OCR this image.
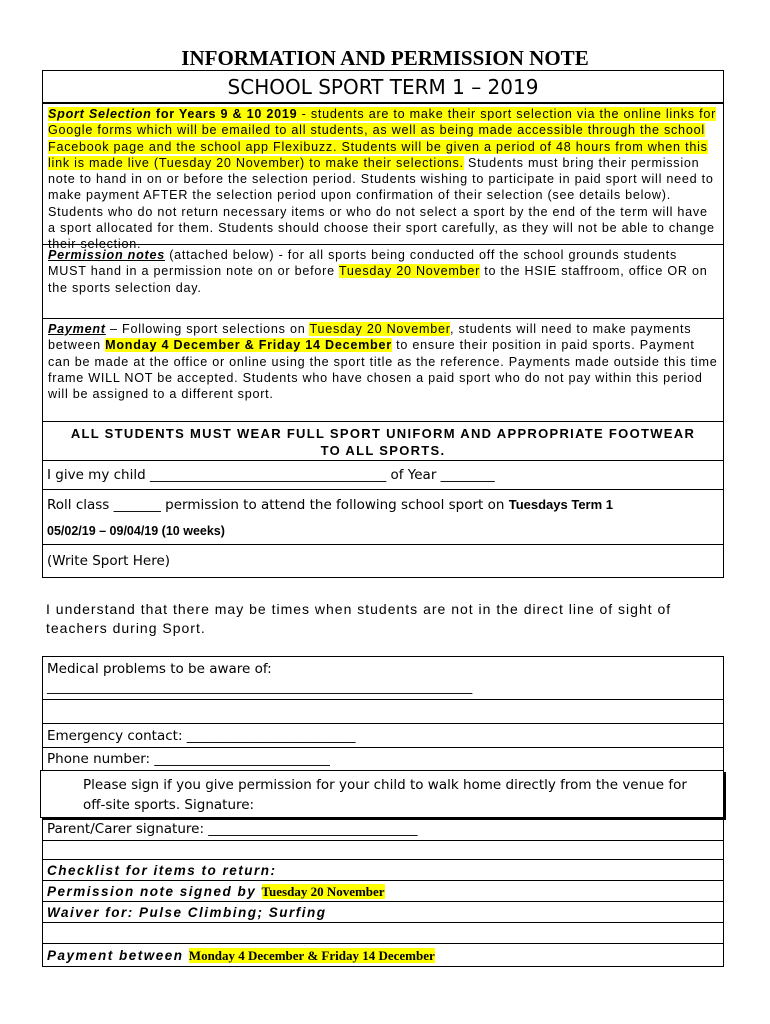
INFORMATION AND PERMISSION NOTE
SCHOOL SPORT TERM 1 – 2019
Sport Selection for Years 9 & 10 2019 - students are to make their sport selection via the online links for Google forms which will be emailed to all students, as well as being made accessible through the school Facebook page and the school app Flexibuzz. Students will be given a period of 48 hours from when this link is made live (Tuesday 20 November) to make their selections. Students must bring their permission note to hand in on or before the selection period. Students wishing to participate in paid sport will need to make payment AFTER the selection period upon confirmation of their selection (see details below). Students who do not return necessary items or who do not select a sport by the end of the term will have a sport allocated for them. Students should choose their sport carefully, as they will not be able to change their selection.
Permission notes (attached below) - for all sports being conducted off the school grounds students MUST hand in a permission note on or before Tuesday 20 November to the HSIE staffroom, office OR on the sports selection day.
Payment – Following sport selections on Tuesday 20 November, students will need to make payments between Monday 4 December & Friday 14 December to ensure their position in paid sports. Payment can be made at the office or online using the sport title as the reference. Payments made outside this time frame WILL NOT be accepted. Students who have chosen a paid sport who do not pay within this period will be assigned to a different sport.
ALL STUDENTS MUST WEAR FULL SPORT UNIFORM AND APPROPRIATE FOOTWEAR TO ALL SPORTS.
I give my child ___________________________________ of Year ________
Roll class _______ permission to attend the following school sport on Tuesdays Term 1
05/02/19 – 09/04/19 (10 weeks)
(Write Sport Here)
I understand that there may be times when students are not in the direct line of sight of teachers during Sport.
Medical problems to be aware of:
_______________________________________________________________
Emergency contact: _________________________
Phone number: __________________________
Please sign if you give permission for your child to walk home directly from the venue for off-site sports. Signature:
Parent/Carer signature: _______________________________
Checklist for items to return:
Permission note signed by Tuesday 20 November
Waiver for: Pulse Climbing; Surfing
Payment between Monday 4 December & Friday 14 December
